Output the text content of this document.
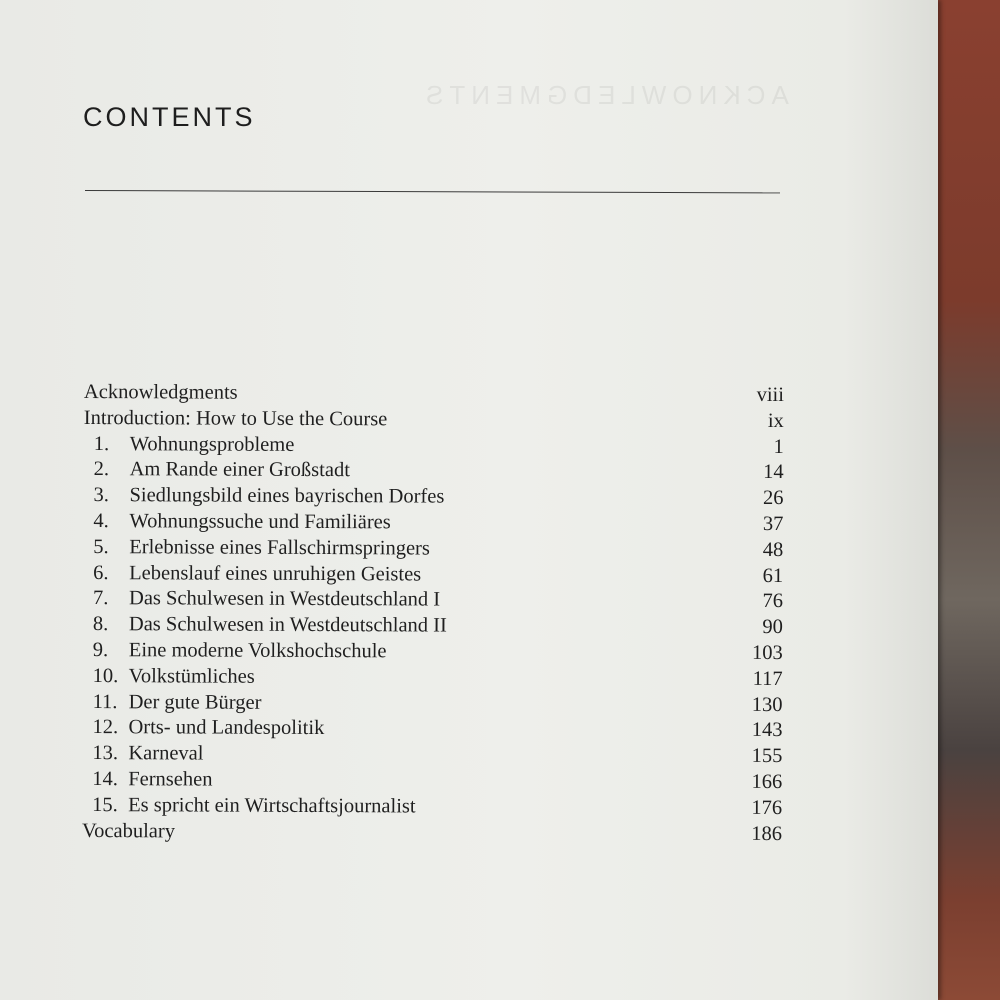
ACKNOWLEDGMENTS
CONTENTS
Acknowledgments	viii
Introduction: How to Use the Course	ix
1. Wohnungsprobleme	1
2. Am Rande einer Großstadt	14
3. Siedlungsbild eines bayrischen Dorfes	26
4. Wohnungssuche und Familiäres	37
5. Erlebnisse eines Fallschirmspringers	48
6. Lebenslauf eines unruhigen Geistes	61
7. Das Schulwesen in Westdeutschland I	76
8. Das Schulwesen in Westdeutschland II	90
9. Eine moderne Volkshochschule	103
10. Volkstümliches	117
11. Der gute Bürger	130
12. Orts- und Landespolitik	143
13. Karneval	155
14. Fernsehen	166
15. Es spricht ein Wirtschaftsjournalist	176
Vocabulary	186
